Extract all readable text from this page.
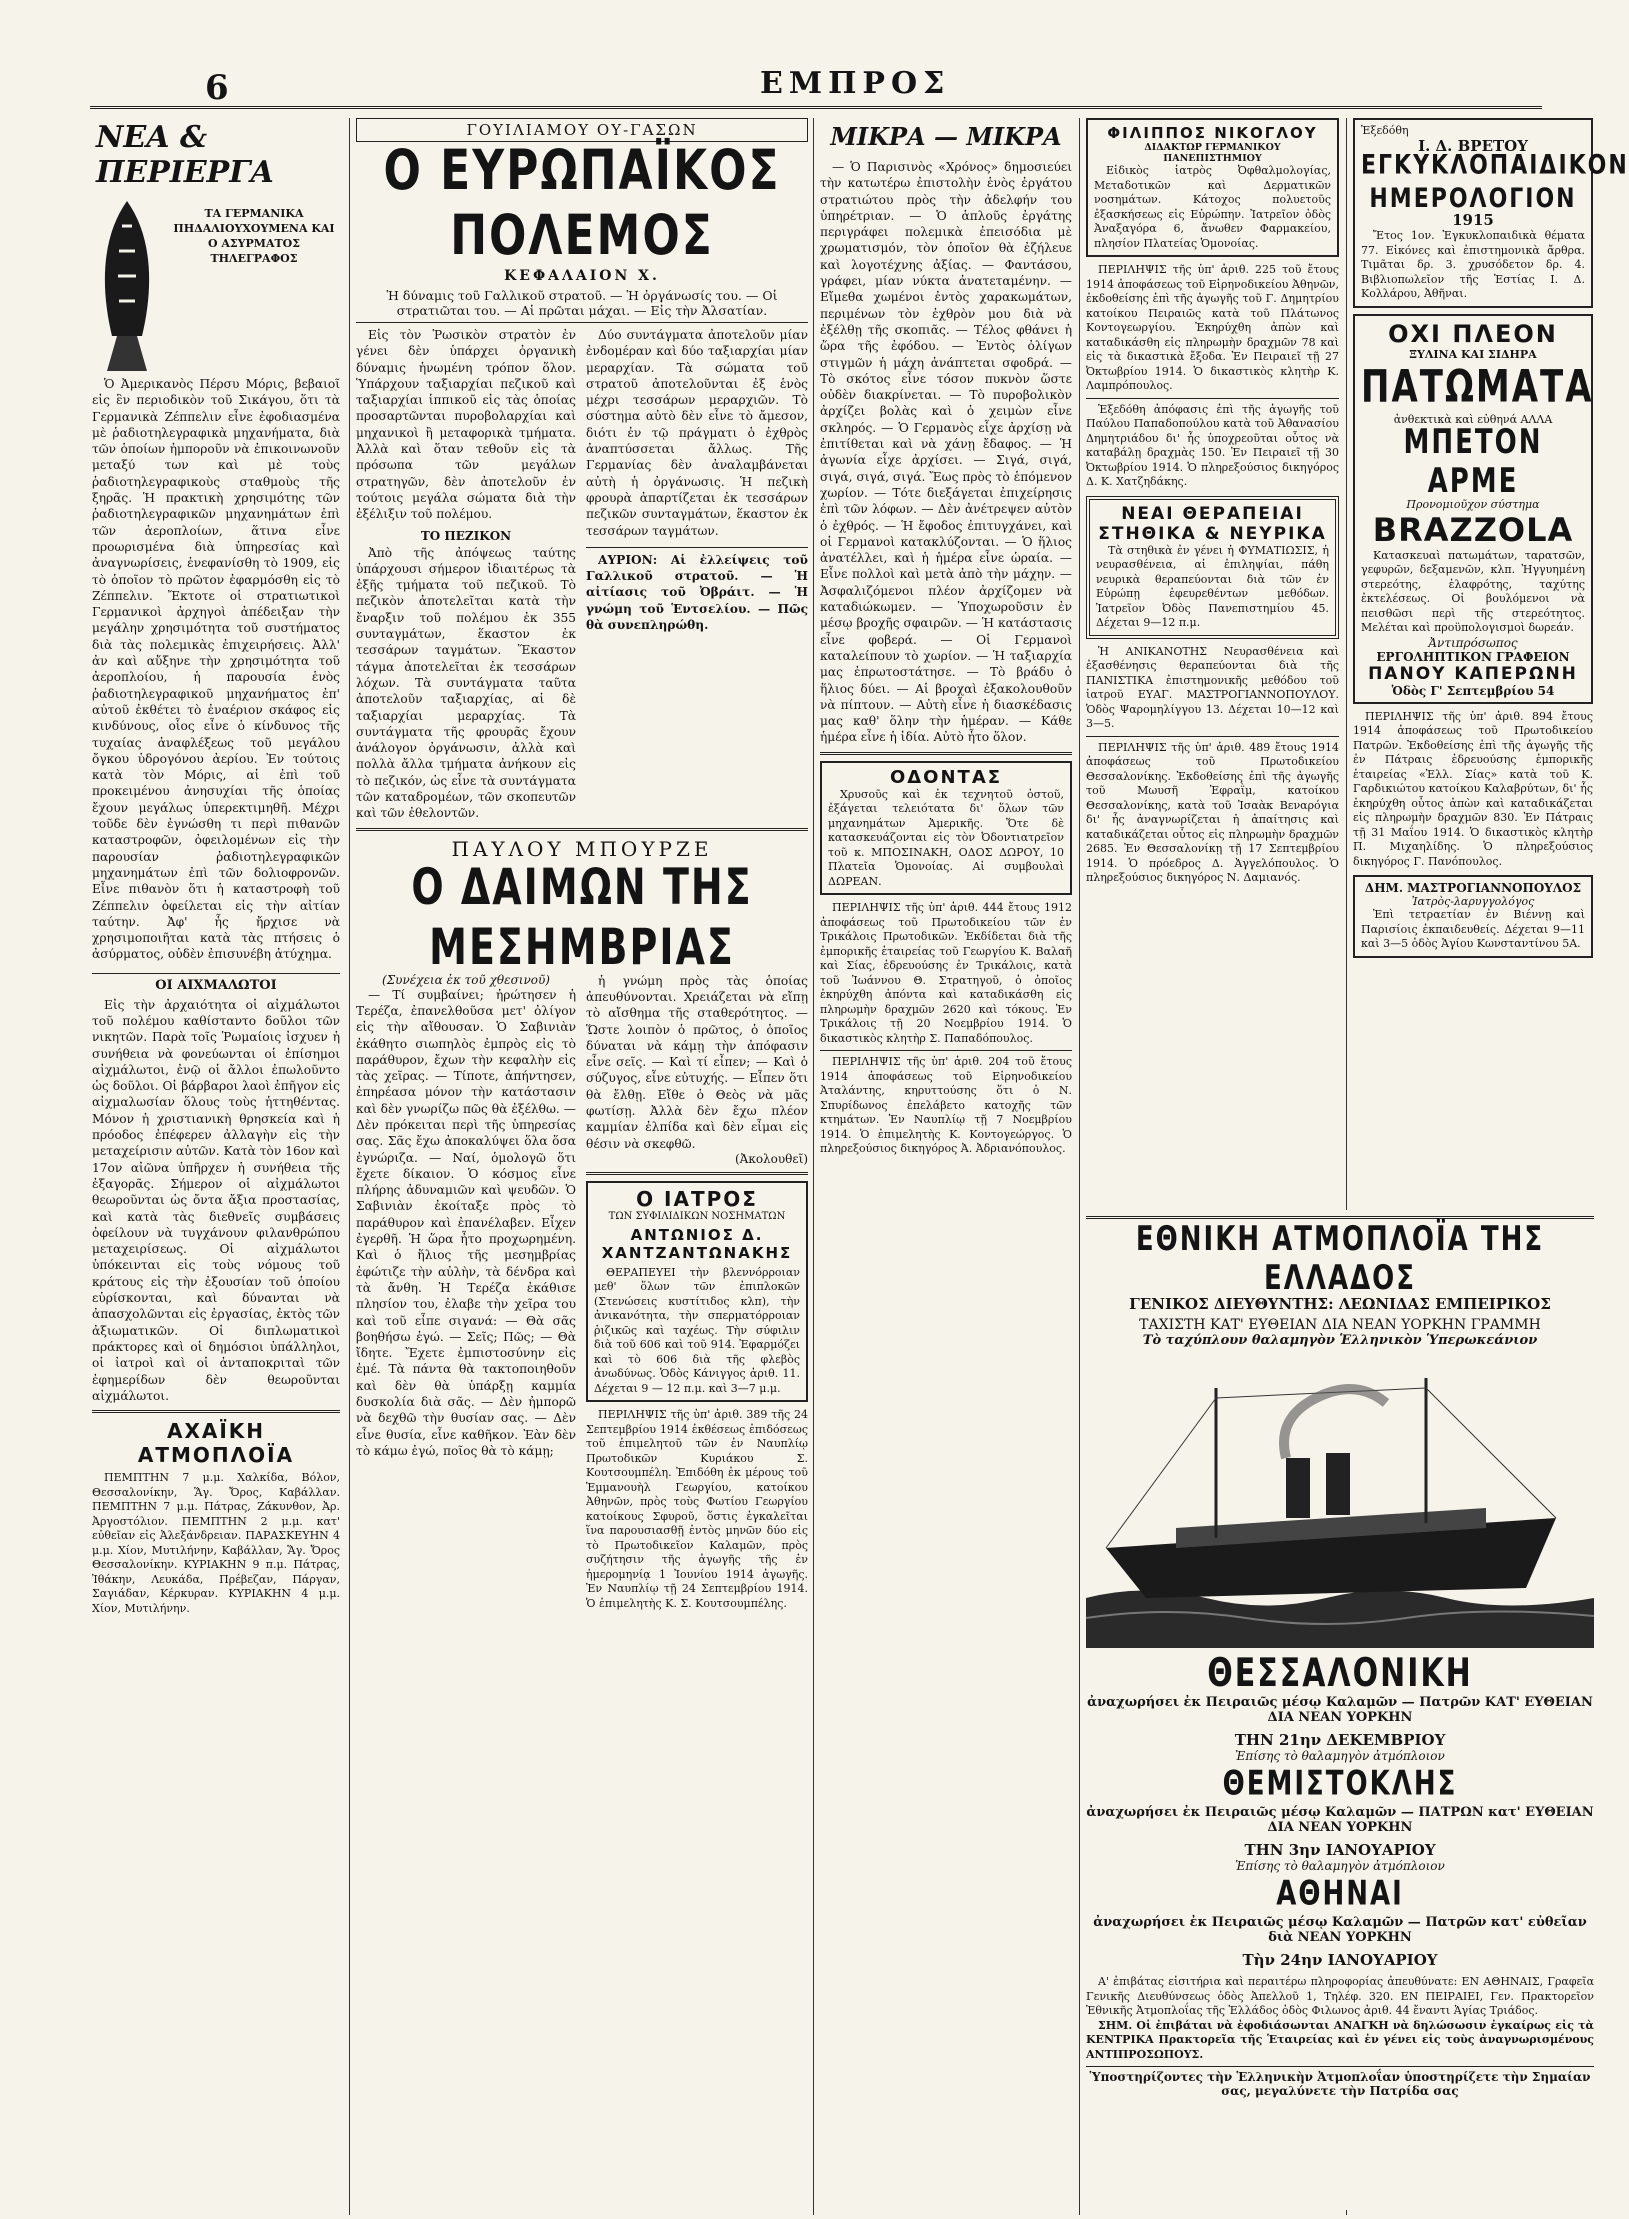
6	ΕΜΠΡΟΣ
ΝΕΑ & ΠΕΡΙΕΡΓΑ
ΤΑ ΓΕΡΜΑΝΙΚΑ ΠΗΔΑΛΙΟΥΧΟΥΜΕΝΑ ΚΑΙ Ο ΑΣΥΡΜΑΤΟΣ ΤΗΛΕΓΡΑΦΟΣ

Ὁ Ἀμερικανὸς Πέρσυ Μόρις, βεβαιοῖ εἰς ἓν περιοδικὸν τοῦ Σικάγου, ὅτι τὰ Γερμανικὰ Ζέππελιν εἶνε ἐφοδιασμένα μὲ ῥαδιοτηλεγραφικὰ μηχανήματα, διὰ τῶν ὁποίων ἠμποροῦν νὰ ἐπικοινωνοῦν μεταξύ των καὶ μὲ τοὺς ῥαδιοτηλεγραφικοὺς σταθμοὺς τῆς ξηρᾶς. Ἡ πρακτικὴ χρησιμότης τῶν ῥαδιοτηλεγραφικῶν μηχανημάτων ἐπὶ τῶν ἀεροπλοίων, ἅτινα εἶνε προωρισμένα διὰ ὑπηρεσίας καὶ ἀναγνωρίσεις, ἐνεφανίσθη τὸ 1909, εἰς τὸ ὁποῖον τὸ πρῶτον ἐφαρμόσθη εἰς τὸ Ζέππελιν. Ἔκτοτε οἱ στρατιωτικοὶ Γερμανικοὶ ἀρχηγοὶ ἀπέδειξαν τὴν μεγάλην χρησιμότητα τοῦ συστήματος διὰ τὰς πολεμικὰς ἐπιχειρήσεις. Ἀλλ' ἀν καὶ αὔξηνε τὴν χρησιμότητα τοῦ ἀεροπλοίου, ἡ παρουσία ἑνὸς ῥαδιοτηλεγραφικοῦ μηχανήματος ἐπ' αὐτοῦ ἐκθέτει τὸ ἐναέριον σκάφος εἰς κινδύνους, οἷος εἶνε ὁ κίνδυνος τῆς τυχαίας ἀναφλέξεως τοῦ μεγάλου ὄγκου ὑδρογόνου ἀερίου. Ἐν τούτοις κατὰ τὸν Μόρις, αἱ ἐπὶ τοῦ προκειμένου ἀνησυχίαι τῆς ὁποίας ἔχουν μεγάλως ὑπερεκτιμηθῆ. Μέχρι τοῦδε δὲν ἐγνώσθη τι περὶ πιθανῶν καταστροφῶν, ὀφειλομένων εἰς τὴν παρουσίαν ῥαδιοτηλεγραφικῶν μηχανημάτων ἐπὶ τῶν δολιοφρονῶν. Εἶνε πιθανὸν ὅτι ἡ καταστροφὴ τοῦ Ζέππελιν ὀφείλεται εἰς τὴν αἰτίαν ταύτην. Ἀφ' ἧς ἤρχισε νὰ χρησιμοποιῆται κατὰ τὰς πτήσεις ὁ ἀσύρματος, οὐδὲν ἐπισυνέβη ἀτύχημα.

ΟΙ ΑΙΧΜΑΛΩΤΟΙ

Εἰς τὴν ἀρχαιότητα οἱ αἰχμάλωτοι τοῦ πολέμου καθίσταντο δοῦλοι τῶν νικητῶν. Παρὰ τοῖς Ῥωμαίοις ἰσχυεν ἡ συνήθεια νὰ φονεύωνται οἱ ἐπίσημοι αἰχμάλωτοι, ἐνῷ οἱ ἄλλοι ἐπωλοῦντο ὡς δοῦλοι. Οἱ βάρβαροι λαοὶ ἐπῆγον εἰς αἰχμαλωσίαν ὅλους τοὺς ἡττηθέντας. Μόνον ἡ χριστιανικὴ θρησκεία καὶ ἡ πρόοδος ἐπέφερεν ἀλλαγὴν εἰς τὴν μεταχείρισιν αὐτῶν. Κατὰ τὸν 16ον καὶ 17ον αἰῶνα ὑπῆρχεν ἡ συνήθεια τῆς ἐξαγορᾶς. Σήμερον οἱ αἰχμάλωτοι θεωροῦνται ὡς ὄντα ἄξια προστασίας, καὶ κατὰ τὰς διεθνεῖς συμβάσεις ὀφείλουν νὰ τυγχάνουν φιλανθρώπου μεταχειρίσεως. Οἱ αἰχμάλωτοι ὑπόκεινται εἰς τοὺς νόμους τοῦ κράτους εἰς τὴν ἐξουσίαν τοῦ ὁποίου εὑρίσκονται, καὶ δύνανται νὰ ἀπασχολῶνται εἰς ἐργασίας, ἐκτὸς τῶν ἀξιωματικῶν. Οἱ διπλωματικοὶ πράκτορες καὶ οἱ δημόσιοι ὑπάλληλοι, οἱ ἰατροὶ καὶ οἱ ἀνταποκριταὶ τῶν ἐφημερίδων δὲν θεωροῦνται αἰχμάλωτοι.

ΑΧΑΪΚΗ ΑΤΜΟΠΛΟΪΑ

ΠΕΜΠΤΗΝ 7 μ.μ. Χαλκίδα, Βόλον, Θεσσαλονίκην, Ἅγ. Ὄρος, Καβάλλαν. ΠΕΜΠΤΗΝ 7 μ.μ. Πάτρας, Ζάκυνθον, Ἀρ. Ἀργοστόλιον. ΠΕΜΠΤΗΝ 2 μ.μ. κατ' εὐθεῖαν εἰς Ἀλεξάνδρειαν. ΠΑΡΑΣΚΕΥΗΝ 4 μ.μ. Χίον, Μυτιλήνην, Καβάλλαν, Ἅγ. Ὄρος Θεσσαλονίκην. ΚΥΡΙΑΚΗΝ 9 π.μ. Πάτρας, Ἰθάκην, Λευκάδα, Πρέβεζαν, Πάργαν, Σαγιάδαν, Κέρκυραν. ΚΥΡΙΑΚΗΝ 4 μ.μ. Χίον, Μυτιλήνην.

ΓΟΥΙΛΙΑΜΟΥ ΟΥ-ΓΑΣΩΝ
Ο ΕΥΡΩΠΑΪΚΟΣ ΠΟΛΕΜΟΣ
ΚΕΦΑΛΑΙΟΝ Χ.
Ἡ δύναμις τοῦ Γαλλικοῦ στρατοῦ. — Ἡ ὀργάνωσίς του. — Οἱ στρατιῶται του. — Αἱ πρῶται μάχαι. — Εἰς τὴν Ἀλσατίαν.

Εἰς τὸν Ῥωσικὸν στρατὸν ἐν γένει δὲν ὑπάρχει ὀργανικὴ δύναμις ἡνωμένη τρόπον ὅλον. Ὑπάρχουν ταξιαρχίαι πεζικοῦ καὶ ταξιαρχίαι ἱππικοῦ εἰς τὰς ὁποίας προσαρτῶνται πυροβολαρχίαι καὶ μηχανικοὶ ἢ μεταφορικὰ τμήματα. Ἀλλὰ καὶ ὅταν τεθοῦν εἰς τὰ πρόσωπα τῶν μεγάλων στρατηγῶν, δὲν ἀποτελοῦν ἐν τούτοις μεγάλα σώματα διὰ τὴν ἐξέλιξιν τοῦ πολέμου.

ΤΟ ΠΕΖΙΚΟΝ

Ἀπὸ τῆς ἀπόψεως ταύτης ὑπάρχουσι σήμερον ἰδιαιτέρως τὰ ἑξῆς τμήματα τοῦ πεζικοῦ. Τὸ πεζικὸν ἀποτελεῖται κατὰ τὴν ἔναρξιν τοῦ πολέμου ἐκ 355 συνταγμάτων, ἕκαστον ἐκ τεσσάρων ταγμάτων. Ἕκαστον τάγμα ἀποτελεῖται ἐκ τεσσάρων λόχων. Τὰ συντάγματα ταῦτα ἀποτελοῦν ταξιαρχίας, αἱ δὲ ταξιαρχίαι μεραρχίας. Τὰ συντάγματα τῆς φρουρᾶς ἔχουν ἀνάλογον ὀργάνωσιν, ἀλλὰ καὶ πολλὰ ἄλλα τμήματα ἀνήκουν εἰς τὸ πεζικόν, ὡς εἶνε τὰ συντάγματα τῶν καταδρομέων, τῶν σκοπευτῶν καὶ τῶν ἐθελοντῶν.

Δύο συντάγματα ἀποτελοῦν μίαν ἐνδομέραν καὶ δύο ταξιαρχίαι μίαν μεραρχίαν. Τὰ σώματα τοῦ στρατοῦ ἀποτελοῦνται ἐξ ἑνὸς μέχρι τεσσάρων μεραρχιῶν. Τὸ σύστημα αὐτὸ δὲν εἶνε τὸ ἄμεσον, διότι ἐν τῷ πράγματι ὁ ἐχθρὸς ἀναπτύσσεται ἄλλως. Τῆς Γερμανίας δὲν ἀναλαμβάνεται αὐτὴ ἡ ὀργάνωσις. Ἡ πεζικὴ φρουρὰ ἀπαρτίζεται ἐκ τεσσάρων πεζικῶν συνταγμάτων, ἕκαστον ἐκ τεσσάρων ταγμάτων.

ΑΥΡΙΟΝ: Αἱ ἐλλείψεις τοῦ Γαλλικοῦ στρατοῦ. — Ἡ αἰτίασις τοῦ Ὀβράιτ. — Ἡ γνώμη τοῦ Ἑντσελίου. — Πῶς θὰ συνεπληρώθη.

ΠΑΥΛΟΥ ΜΠΟΥΡΖΕ
Ο ΔΑΙΜΩΝ ΤΗΣ ΜΕΣΗΜΒΡΙΑΣ
(Συνέχεια ἐκ τοῦ χθεσινοῦ)

— Τί συμβαίνει; ἠρώτησεν ἡ Τερέζα, ἐπανελθοῦσα μετ' ὀλίγον εἰς τὴν αἴθουσαν. Ὁ Σαβινιὰν ἐκάθητο σιωπηλὸς ἐμπρὸς εἰς τὸ παράθυρον, ἔχων τὴν κεφαλὴν εἰς τὰς χεῖρας. — Τίποτε, ἀπήντησεν, ἐπηρέασα μόνον τὴν κατάστασιν καὶ δὲν γνωρίζω πῶς θὰ ἐξέλθω. — Δὲν πρόκειται περὶ τῆς ὑπηρεσίας σας. Σᾶς ἔχω ἀποκαλύψει ὅλα ὅσα ἐγνώριζα. — Ναί, ὁμολογῶ ὅτι ἔχετε δίκαιον. Ὁ κόσμος εἶνε πλήρης ἀδυναμιῶν καὶ ψευδῶν. Ὁ Σαβινιὰν ἐκοίταξε πρὸς τὸ παράθυρον καὶ ἐπανέλαβεν. Εἶχεν ἐγερθῆ. Ἡ ὥρα ἦτο προχωρημένη. Καὶ ὁ ἥλιος τῆς μεσημβρίας ἐφώτιζε τὴν αὐλὴν, τὰ δένδρα καὶ τὰ ἄνθη. Ἡ Τερέζα ἐκάθισε πλησίον του, ἐλαβε τὴν χεῖρα του καὶ τοῦ εἶπε σιγανά: — Θὰ σᾶς βοηθήσω ἐγώ. — Σεῖς; Πῶς; — Θὰ ἴδητε. Ἔχετε ἐμπιστοσύνην εἰς ἐμέ. Τὰ πάντα θὰ τακτοποιηθοῦν καὶ δὲν θὰ ὑπάρξῃ καμμία δυσκολία διὰ σᾶς. — Δὲν ἠμπορῶ νὰ δεχθῶ τὴν θυσίαν σας. — Δὲν εἶνε θυσία, εἶνε καθῆκον. Ἐὰν δὲν τὸ κάμω ἐγώ, ποῖος θὰ τὸ κάμῃ;

ἡ γνώμη πρὸς τὰς ὁποίας ἀπευθύνονται. Χρειάζεται νὰ εἴπῃ τὸ αἴσθημα τῆς σταθερότητος. — Ὥστε λοιπὸν ὁ πρῶτος, ὁ ὁποῖος δύναται νὰ κάμῃ τὴν ἀπόφασιν εἶνε σεῖς. — Καὶ τί εἶπεν; — Καὶ ὁ σύζυγος, εἶνε εὐτυχής. — Εἶπεν ὅτι θὰ ἔλθῃ. Εἴθε ὁ Θεὸς νὰ μᾶς φωτίσῃ. Ἀλλὰ δὲν ἔχω πλέον καμμίαν ἐλπίδα καὶ δὲν εἶμαι εἰς θέσιν νὰ σκεφθῶ.

(Ἀκολουθεῖ)
Ο ΙΑΤΡΟΣ
ΤΩΝ ΣΥΦΙΛΙΔΙΚΩΝ ΝΟΣΗΜΑΤΩΝ
ΑΝΤΩΝΙΟΣ Δ. ΧΑΝΤΖΑΝΤΩΝΑΚΗΣ

ΘΕΡΑΠΕΥΕΙ τὴν βλεννόρροιαν μεθ' ὅλων τῶν ἐπιπλοκῶν (Στενώσεις κυστίτιδος κλπ), τὴν ἀνικανότητα, τὴν σπερματόρροιαν ῥιζικῶς καὶ ταχέως. Τὴν σύφιλιν διὰ τοῦ 606 καὶ τοῦ 914. Ἐφαρμόζει καὶ τὸ 606 διὰ τῆς φλεβὸς ἀνωδύνως. Ὁδὸς Κάνιγγος ἀριθ. 11. Δέχεται 9 — 12 π.μ. καὶ 3—7 μ.μ.

ΠΕΡΙΛΗΨΙΣ τῆς ὑπ' ἀριθ. 389 τῆς 24 Σεπτεμβρίου 1914 ἐκθέσεως ἐπιδόσεως τοῦ ἐπιμελητοῦ τῶν ἐν Ναυπλίῳ Πρωτοδικῶν Κυριάκου Σ. Κουτσουμπέλη. Ἐπιδόθη ἐκ μέρους τοῦ Ἐμμανουὴλ Γεωργίου, κατοίκου Ἀθηνῶν, πρὸς τοὺς Φωτίου Γεωργίου κατοίκους Σφυροῦ, ὅστις ἐγκαλεῖται ἵνα παρουσιασθῇ ἐντὸς μηνῶν δύο εἰς τὸ Πρωτοδικεῖον Καλαμῶν, πρὸς συζήτησιν τῆς ἀγωγῆς τῆς ἐν ἡμερομηνίᾳ 1 Ἰουνίου 1914 ἀγωγῆς. Ἐν Ναυπλίῳ τῇ 24 Σεπτεμβρίου 1914. Ὁ ἐπιμελητὴς Κ. Σ. Κουτσουμπέλης.

ΜΙΚΡΑ — ΜΙΚΡΑ

— Ὁ Παρισινὸς «Χρόνος» δημοσιεύει τὴν κατωτέρω ἐπιστολὴν ἑνὸς ἐργάτου στρατιώτου πρὸς τὴν ἀδελφήν του ὑπηρέτριαν. — Ὁ ἁπλοῦς ἐργάτης περιγράφει πολεμικὰ ἐπεισόδια μὲ χρωματισμόν, τὸν ὁποῖον θὰ ἐζήλευε καὶ λογοτέχνης ἀξίας. — Φαντάσου, γράφει, μίαν νύκτα ἀνατεταμένην. — Εἴμεθα χωμένοι ἐντὸς χαρακωμάτων, περιμένων τὸν ἐχθρὸν μου διὰ νὰ ἐξέλθῃ τῆς σκοπιᾶς. — Τέλος φθάνει ἡ ὥρα τῆς ἐφόδου. — Ἐντὸς ὀλίγων στιγμῶν ἡ μάχη ἀνάπτεται σφοδρά. — Τὸ σκότος εἶνε τόσον πυκνὸν ὥστε οὐδὲν διακρίνεται. — Τὸ πυροβολικὸν ἀρχίζει βολὰς καὶ ὁ χειμὼν εἶνε σκληρός. — Ὁ Γερμανὸς εἶχε ἀρχίσῃ νὰ ἐπιτίθεται καὶ νὰ χάνῃ ἔδαφος. — Ἡ ἀγωνία εἶχε ἀρχίσει. — Σιγά, σιγά, σιγά, σιγά, σιγά. Ἔως πρὸς τὸ ἑπόμενον χωρίον. — Τότε διεξάγεται ἐπιχείρησις ἐπὶ τῶν λόφων. — Δὲν ἀνέτρεψεν αὐτὸν ὁ ἐχθρός. — Ἡ ἔφοδος ἐπιτυγχάνει, καὶ οἱ Γερμανοὶ κατακλύζονται. — Ὁ ἥλιος ἀνατέλλει, καὶ ἡ ἡμέρα εἶνε ὡραία. — Εἶνε πολλοὶ καὶ μετὰ ἀπὸ τὴν μάχην. — Ἀσφαλιζόμενοι πλέον ἀρχίζομεν νὰ καταδιώκωμεν. — Ὑποχωροῦσιν ἐν μέσῳ βροχῆς σφαιρῶν. — Ἡ κατάστασις εἶνε φοβερά. — Οἱ Γερμανοὶ καταλείπουν τὸ χωρίον. — Ἡ ταξιαρχία μας ἐπρωτοστάτησε. — Τὸ βράδυ ὁ ἥλιος δύει. — Αἱ βροχαὶ ἐξακολουθοῦν νὰ πίπτουν. — Αὐτὴ εἶνε ἡ διασκέδασις μας καθ' ὅλην τὴν ἡμέραν. — Κάθε ἡμέρα εἶνε ἡ ἰδία. Αὐτὸ ἦτο ὅλον.

ΟΔΟΝΤΑΣ

Χρυσοῦς καὶ ἐκ τεχνητοῦ ὀστοῦ, ἐξάγεται τελειότατα δι' ὅλων τῶν μηχανημάτων Ἀμερικῆς. Ὅτε δὲ κατασκευάζονται εἰς τὸν Ὀδοντιατρεῖον τοῦ κ. ΜΠΟΣΙΝΑΚΗ, ΟΔΟΣ ΔΩΡΟΥ, 10 Πλατεῖα Ὁμονοίας. Αἱ συμβουλαὶ ΔΩΡΕΑΝ.

ΠΕΡΙΛΗΨΙΣ τῆς ὑπ' ἀριθ. 444 ἔτους 1912 ἀποφάσεως τοῦ Πρωτοδικείου τῶν ἐν Τρικάλοις Πρωτοδικῶν. Ἐκδίδεται διὰ τῆς ἐμπορικῆς ἑταιρείας τοῦ Γεωργίου Κ. Βαλαῆ καὶ Σίας, ἐδρευούσης ἐν Τρικάλοις, κατὰ τοῦ Ἰωάννου Θ. Στρατηγοῦ, ὁ ὁποῖος ἐκηρύχθη ἀπόντα καὶ καταδικάσθη εἰς πληρωμὴν δραχμῶν 2620 καὶ τόκους. Ἐν Τρικάλοις τῇ 20 Νοεμβρίου 1914. Ὁ δικαστικὸς κλητὴρ Σ. Παπαδόπουλος.

ΠΕΡΙΛΗΨΙΣ τῆς ὑπ' ἀριθ. 204 τοῦ ἔτους 1914 ἀποφάσεως τοῦ Εἰρηνοδικείου Ἀταλάντης, κηρυττούσης ὅτι ὁ Ν. Σπυρίδωνος ἐπελάβετο κατοχῆς τῶν κτημάτων. Ἐν Ναυπλίῳ τῇ 7 Νοεμβρίου 1914. Ὁ ἐπιμελητὴς Κ. Κοντογεώργος. Ὁ πληρεξούσιος δικηγόρος Ἀ. Ἀδριανόπουλος.

ΦΙΛΙΠΠΟΣ ΝΙΚΟΓΛΟΥ
ΔΙΔΑΚΤΩΡ ΓΕΡΜΑΝΙΚΟΥ ΠΑΝΕΠΙΣΤΗΜΙΟΥ

Εἰδικὸς ἰατρὸς Ὀφθαλμολογίας, Μεταδοτικῶν καὶ Δερματικῶν νοσημάτων. Κάτοχος πολυετοῦς ἐξασκήσεως εἰς Εὐρώπην. Ἰατρεῖον ὁδὸς Ἀναξαγόρα 6, ἄνωθεν Φαρμακείου, πλησίον Πλατείας Ὁμονοίας.

ΠΕΡΙΛΗΨΙΣ τῆς ὑπ' ἀριθ. 225 τοῦ ἔτους 1914 ἀποφάσεως τοῦ Εἰρηνοδικείου Ἀθηνῶν, ἐκδοθείσης ἐπὶ τῆς ἀγωγῆς τοῦ Γ. Δημητρίου κατοίκου Πειραιῶς κατὰ τοῦ Πλάτωνος Κοντογεωργίου. Ἐκηρύχθη ἀπὼν καὶ καταδικάσθη εἰς πληρωμὴν δραχμῶν 78 καὶ εἰς τὰ δικαστικὰ ἔξοδα. Ἐν Πειραιεῖ τῇ 27 Ὀκτωβρίου 1914. Ὁ δικαστικὸς κλητὴρ Κ. Λαμπρόπουλος.

Ἐξεδόθη ἀπόφασις ἐπὶ τῆς ἀγωγῆς τοῦ Παύλου Παπαδοπούλου κατὰ τοῦ Ἀθανασίου Δημητριάδου δι' ἧς ὑποχρεοῦται οὗτος νὰ καταβάλῃ δραχμὰς 150. Ἐν Πειραιεῖ τῇ 30 Ὀκτωβρίου 1914. Ὁ πληρεξούσιος δικηγόρος Δ. Κ. Χατζηδάκης.

ΝΕΑΙ ΘΕΡΑΠΕΙΑΙ
ΣΤΗΘΙΚΑ & ΝΕΥΡΙΚΑ

Τὰ στηθικὰ ἐν γένει ἡ ΦΥΜΑΤΙΩΣΙΣ, ἡ νευρασθένεια, αἱ ἐπιληψίαι, πάθη νευρικὰ θεραπεύονται διὰ τῶν ἐν Εὐρώπῃ ἐφευρεθέντων μεθόδων. Ἰατρεῖον Ὀδὸς Πανεπιστημίου 45. Δέχεται 9—12 π.μ.

Ἡ ΑΝΙΚΑΝΟΤΗΣ Νευρασθένεια καὶ ἐξασθένησις θεραπεύονται διὰ τῆς ΠΑΝΙΣΤΙΚΑ ἐπιστημονικῆς μεθόδου τοῦ ἰατροῦ ΕΥΑΓ. ΜΑΣΤΡΟΓΙΑΝΝΟΠΟΥΛΟΥ. Ὁδὸς Ψαρομηλίγγου 13. Δέχεται 10—12 καὶ 3—5.

ΠΕΡΙΛΗΨΙΣ τῆς ὑπ' ἀριθ. 489 ἔτους 1914 ἀποφάσεως τοῦ Πρωτοδικείου Θεσσαλονίκης. Ἐκδοθείσης ἐπὶ τῆς ἀγωγῆς τοῦ Μωυσῆ Ἐφραῒμ, κατοίκου Θεσσαλονίκης, κατὰ τοῦ Ἰσαὰκ Βεναρόγια δι' ἧς ἀναγνωρίζεται ἡ ἀπαίτησις καὶ καταδικάζεται οὗτος εἰς πληρωμὴν δραχμῶν 2685. Ἐν Θεσσαλονίκῃ τῇ 17 Σεπτεμβρίου 1914. Ὁ πρόεδρος Δ. Ἀγγελόπουλος. Ὁ πληρεξούσιος δικηγόρος Ν. Δαμιανός.

Ἐξεδόθη
Ι. Δ. ΒΡΕΤΟΥ
ΕΓΚΥΚΛΟΠΑΙΔΙΚΟΝ ΗΜΕΡΟΛΟΓΙΟΝ
1915

Ἔτος 1ον. Ἐγκυκλοπαιδικὰ θέματα 77. Εἰκόνες καὶ ἐπιστημονικὰ ἄρθρα. Τιμᾶται δρ. 3. χρυσόδετον δρ. 4. Βιβλιοπωλεῖον τῆς Ἑστίας Ι. Δ. Κολλάρου, Ἀθῆναι.

ΟΧΙ ΠΛΕΟΝ
ΞΥΛΙΝΑ ΚΑΙ ΣΙΔΗΡΑ
ΠΑΤΩΜΑΤΑ
ἀνθεκτικὰ καὶ εὐθηνά ΑΛΛΑ
ΜΠΕΤΟΝ ΑΡΜΕ
Προνομιοῦχον σύστημα
BRAZZOLA

Κατασκευαὶ πατωμάτων, ταρατσῶν, γεφυρῶν, δεξαμενῶν, κλπ. Ἠγγυημένη στερεότης, ἐλαφρότης, ταχύτης ἐκτελέσεως. Οἱ βουλόμενοι νὰ πεισθῶσι περὶ τῆς στερεότητος. Μελέται καὶ προϋπολογισμοὶ δωρεάν.

Ἀντιπρόσωπος
ΕΡΓΟΛΗΠΤΙΚΟΝ ΓΡΑΦΕΙΟΝ
ΠΑΝΟΥ ΚΑΠΕΡΩΝΗ
Ὁδὸς Γ' Σεπτεμβρίου 54

ΠΕΡΙΛΗΨΙΣ τῆς ὑπ' ἀριθ. 894 ἔτους 1914 ἀποφάσεως τοῦ Πρωτοδικείου Πατρῶν. Ἐκδοθείσης ἐπὶ τῆς ἀγωγῆς τῆς ἐν Πάτραις ἐδρευούσης ἐμπορικῆς ἑταιρείας «Ἐλλ. Σίας» κατὰ τοῦ Κ. Γαρδικιώτου κατοίκου Καλαβρύτων, δι' ἧς ἐκηρύχθη οὗτος ἀπὼν καὶ καταδικάζεται εἰς πληρωμὴν δραχμῶν 830. Ἐν Πάτραις τῇ 31 Μαΐου 1914. Ὁ δικαστικὸς κλητὴρ Π. Μιχαηλίδης. Ὁ πληρεξούσιος δικηγόρος Γ. Πανόπουλος.

ΔΗΜ. ΜΑΣΤΡΟΓΙΑΝΝΟΠΟΥΛΟΣ
Ἰατρὸς-λαρυγγολόγος

Ἐπὶ τετραετίαν ἐν Βιέννῃ καὶ Παρισίοις ἐκπαιδευθείς. Δέχεται 9—11 καὶ 3—5 ὁδὸς Ἁγίου Κωνσταντίνου 5Α.

ΕΘΝΙΚΗ ΑΤΜΟΠΛΟΪΑ ΤΗΣ ΕΛΛΑΔΟΣ
ΓΕΝΙΚΟΣ ΔΙΕΥΘΥΝΤΗΣ: ΛΕΩΝΙΔΑΣ ΕΜΠΕΙΡΙΚΟΣ
ΤΑΧΙΣΤΗ ΚΑΤ' ΕΥΘΕΙΑΝ ΔΙΑ ΝΕΑΝ ΥΟΡΚΗΝ ΓΡΑΜΜΗ
Τὸ ταχύπλουν θαλαμηγὸν Ἑλληνικὸν Ὑπερωκεάνιον
ΘΕΣΣΑΛΟΝΙΚΗ
ἀναχωρήσει ἐκ Πειραιῶς μέσῳ Καλαμῶν — Πατρῶν ΚΑΤ' ΕΥΘΕΙΑΝ ΔΙΑ ΝΕΑΝ ΥΟΡΚΗΝ
ΤΗΝ 21ην ΔΕΚΕΜΒΡΙΟΥ
Ἐπίσης τὸ θαλαμηγὸν ἀτμόπλοιον
ΘΕΜΙΣΤΟΚΛΗΣ
ἀναχωρήσει ἐκ Πειραιῶς μέσῳ Καλαμῶν — ΠΑΤΡΩΝ κατ' ΕΥΘΕΙΑΝ ΔΙΑ ΝΕΑΝ ΥΟΡΚΗΝ
ΤΗΝ 3ην ΙΑΝΟΥΑΡΙΟΥ
Ἐπίσης τὸ θαλαμηγὸν ἀτμόπλοιον
ΑΘΗΝΑΙ
ἀναχωρήσει ἐκ Πειραιῶς μέσῳ Καλαμῶν — Πατρῶν κατ' εὐθεῖαν διὰ ΝΕΑΝ ΥΟΡΚΗΝ
Τὴν 24ην ΙΑΝΟΥΑΡΙΟΥ

Α' ἐπιβάτας εἰσιτήρια καὶ περαιτέρω πληροφορίας ἀπευθύνατε: ΕΝ ΑΘΗΝΑΙΣ, Γραφεῖα Γενικῆς Διευθύνσεως ὁδὸς Ἀπελλοῦ 1, Τηλέφ. 320. ΕΝ ΠΕΙΡΑΙΕΙ, Γεν. Πρακτορεῖον Ἐθνικῆς Ἀτμοπλοΐας τῆς Ἑλλάδος ὁδὸς Φιλωνος ἀριθ. 44 ἔναντι Ἁγίας Τριάδος.

ΣΗΜ. Οἱ ἐπιβάται νὰ ἐφοδιάσωνται ΑΝΑΓΚΗ νὰ δηλώσωσιν ἐγκαίρως εἰς τὰ ΚΕΝΤΡΙΚΑ Πρακτορεῖα τῆς Ἑταιρείας καὶ ἐν γένει εἰς τοὺς ἀναγνωρισμένους ΑΝΤΙΠΡΟΣΩΠΟΥΣ.

Ὑποστηρίζοντες τὴν Ἑλληνικὴν Ἀτμοπλοΐαν ὑποστηρίζετε τὴν Σημαίαν σας, μεγαλύνετε τὴν Πατρίδα σας
